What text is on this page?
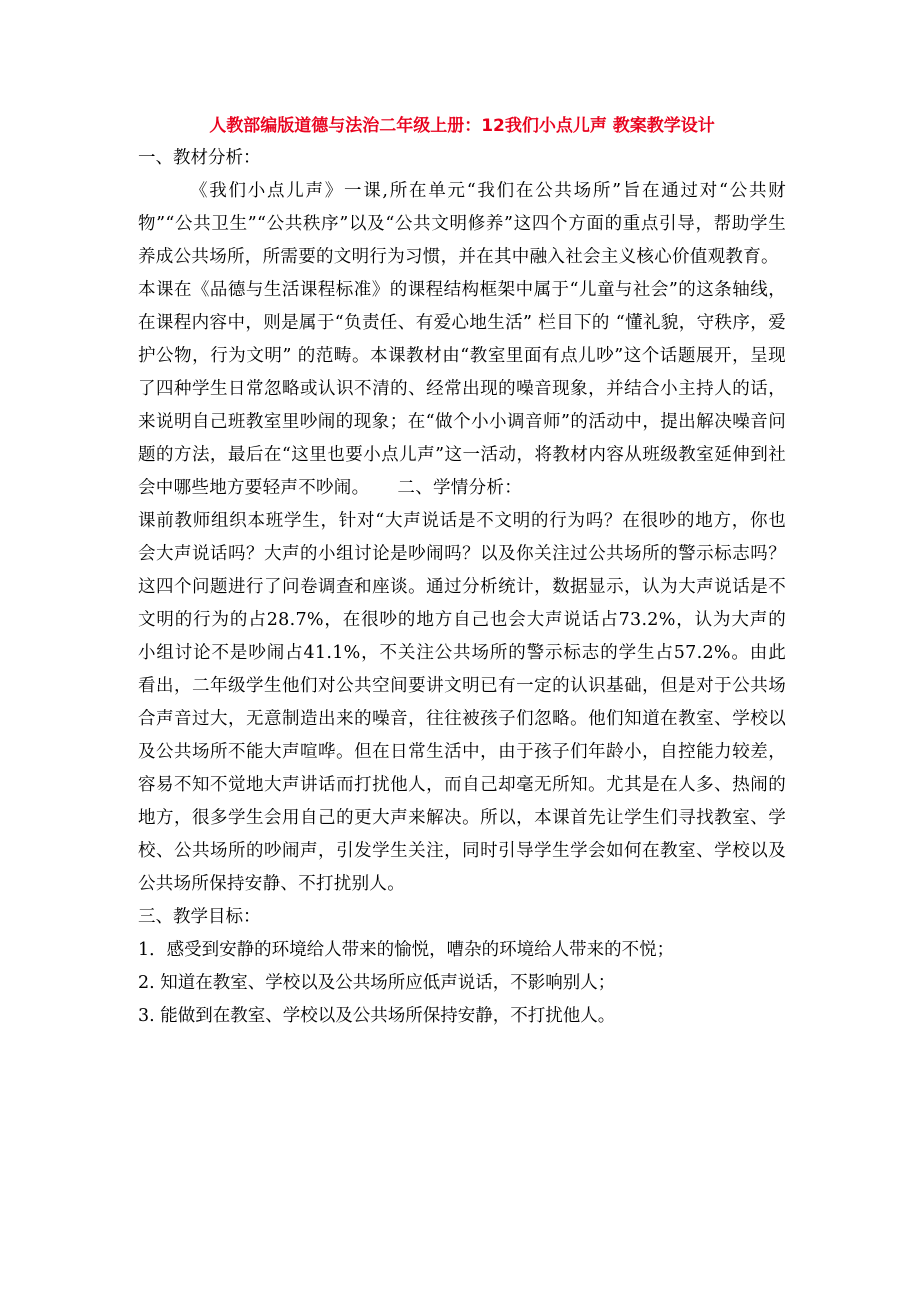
人教部编版道德与法治二年级上册：12我们小点儿声 教案教学设计
一、教材分析：

《我们小点儿声》一课,所在单元“我们在公共场所”旨在通过对“公共财物”“公共卫生”“公共秩序”以及“公共文明修养”这四个方面的重点引导，帮助学生养成公共场所，所需要的文明行为习惯，并在其中融入社会主义核心价值观教育。

本课在《品德与生活课程标准》的课程结构框架中属于“儿童与社会”的这条轴线，在课程内容中，则是属于“负责任、有爱心地生活” 栏目下的 “懂礼貌，守秩序，爱护公物，行为文明” 的范畴。本课教材由“教室里面有点儿吵”这个话题展开，呈现了四种学生日常忽略或认识不清的、经常出现的噪音现象，并结合小主持人的话，来说明自己班教室里吵闹的现象；在“做个小小调音师”的活动中，提出解决噪音问题的方法，最后在“这里也要小点儿声”这一活动，将教材内容从班级教室延伸到社会中哪些地方要轻声不吵闹。 二、学情分析：

课前教师组织本班学生，针对“大声说话是不文明的行为吗？在很吵的地方，你也会大声说话吗？大声的小组讨论是吵闹吗？以及你关注过公共场所的警示标志吗？这四个问题进行了问卷调查和座谈。通过分析统计，数据显示，认为大声说话是不文明的行为的占28.7%，在很吵的地方自己也会大声说话占73.2%，认为大声的小组讨论不是吵闹占41.1%，不关注公共场所的警示标志的学生占57.2%。由此看出，二年级学生他们对公共空间要讲文明已有一定的认识基础，但是对于公共场合声音过大，无意制造出来的噪音，往往被孩子们忽略。他们知道在教室、学校以及公共场所不能大声喧哗。但在日常生活中，由于孩子们年龄小，自控能力较差，容易不知不觉地大声讲话而打扰他人，而自己却毫无所知。尤其是在人多、热闹的地方，很多学生会用自己的更大声来解决。所以，本课首先让学生们寻找教室、学校、公共场所的吵闹声，引发学生关注，同时引导学生学会如何在教室、学校以及公共场所保持安静、不打扰别人。

三、教学目标：
1．感受到安静的环境给人带来的愉悦，嘈杂的环境给人带来的不悦；
2. 知道在教室、学校以及公共场所应低声说话，不影响别人；
3. 能做到在教室、学校以及公共场所保持安静，不打扰他人。
